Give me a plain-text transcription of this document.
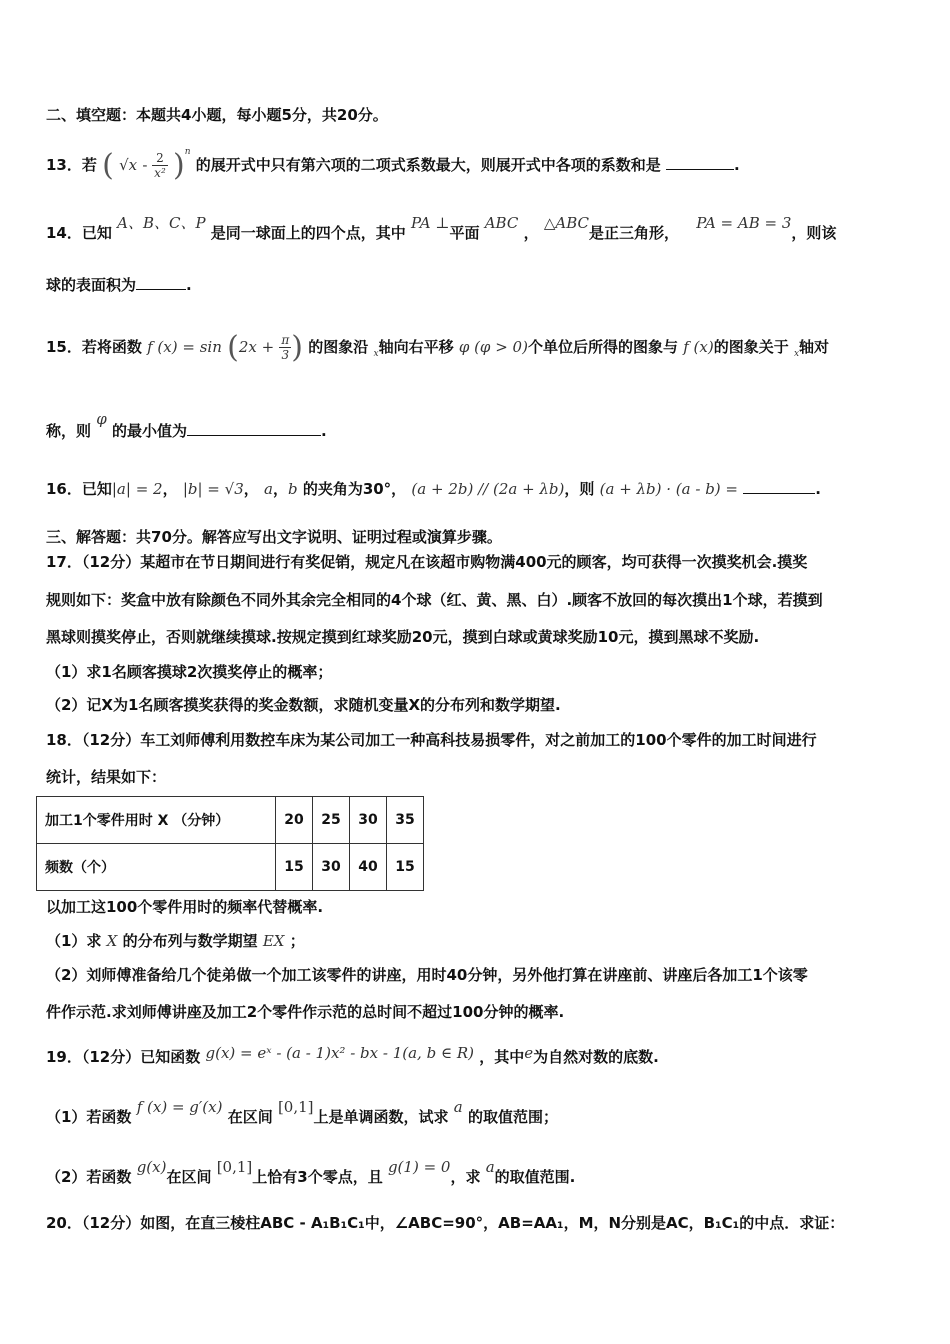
二、填空题：本题共4小题，每小题5分，共20分。
13．若 ( $√x - \frac{2}{\text{x²}} )^n$ 的展开式中只有第六项的二项式系数最大，则展开式中各项的系数和是	.
14．已知 A、B、C、P 是同一球面上的四个点，其中 PA ⊥平面 ABC ， △ABC是正三角形， PA = AB = 3，则该
球的表面积为	.
15．若将函数 f $(x) = \sin (2x + \frac{\pi}{3}$ ) 的图象沿 $_x$轴向右平移 φ (φ > 0)个单位后所得的图象与 f (x)的图象关于 $_x$轴对
称，则 φ 的最小值为	.
16．已知|a| = 2， |b| = √3， a，b 的夹角为30°， (a + 2b) // (2a + λb)，则 (a + λb) · (a - b) =	.
三、解答题：共70分。解答应写出文字说明、证明过程或演算步骤。
17．（12分）某超市在节日期间进行有奖促销，规定凡在该超市购物满400元的顾客，均可获得一次摸奖机会.摸奖
规则如下：奖盒中放有除颜色不同外其余完全相同的4个球（红、黄、黑、白）.顾客不放回的每次摸出1个球，若摸到
黑球则摸奖停止，否则就继续摸球.按规定摸到红球奖励20元，摸到白球或黄球奖励10元，摸到黑球不奖励.
（1）求1名顾客摸球2次摸奖停止的概率；
（2）记X为1名顾客摸奖获得的奖金数额，求随机变量X的分布列和数学期望.
18．（12分）车工刘师傅利用数控车床为某公司加工一种高科技易损零件，对之前加工的100个零件的加工时间进行
统计，结果如下：
加工1个零件用时 X （分钟）	20	25	30	35
频数（个）	15	30	40	15
以加工这100个零件用时的频率代替概率.
（1）求 X 的分布列与数学期望 EX ；
（2）刘师傅准备给几个徒弟做一个加工该零件的讲座，用时40分钟，另外他打算在讲座前、讲座后各加工1个该零
件作示范.求刘师傅讲座及加工2个零件作示范的总时间不超过100分钟的概率.
19．（12分）已知函数 g(x) = eˣ - (a - 1)x² - bx - 1(a, b ∈ R) ，其中e为自然对数的底数.
（1）若函数 f (x) = g′(x) 在区间 [0,1]上是单调函数，试求 a 的取值范围；
（2）若函数 g(x)在区间 [0,1]上恰有3个零点，且 g(1) = 0，求 a的取值范围.
20．（12分）如图，在直三棱柱ABC - A₁B₁C₁中，∠ABC=90°，AB=AA₁，M，N分别是AC，B₁C₁的中点．求证：
